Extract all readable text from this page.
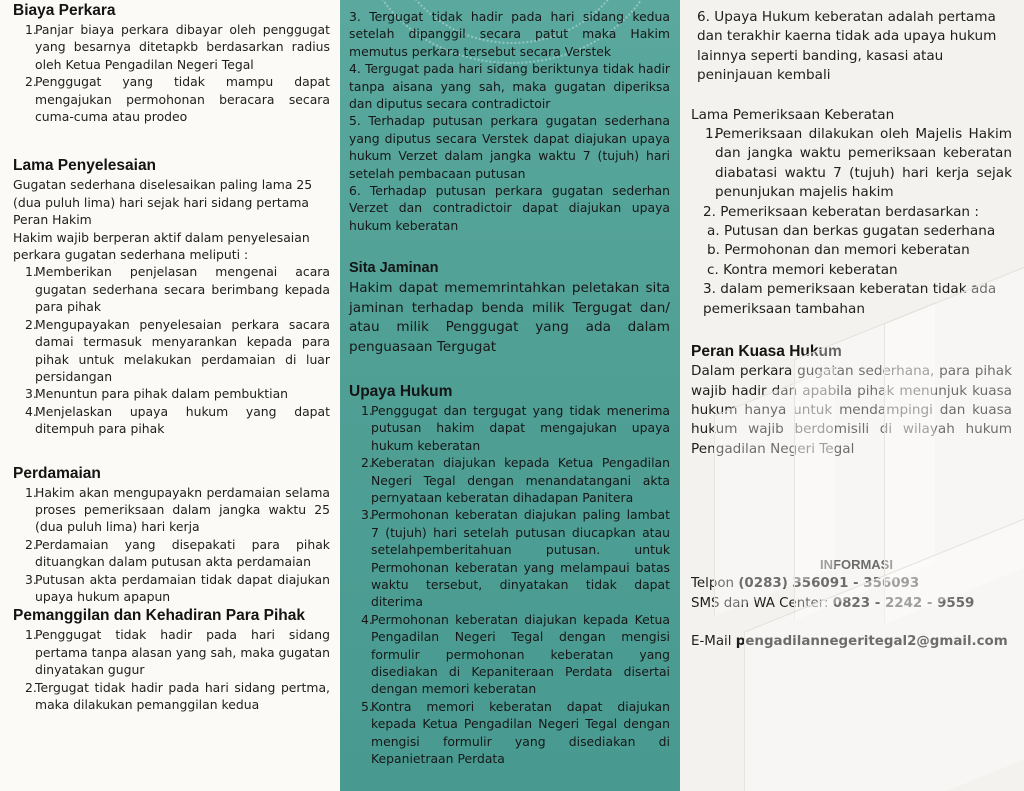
Biaya Perkara
1.
Panjar biaya perkara dibayar oleh penggugat yang besarnya ditetapkb berdasarkan radius oleh Ketua Pengadilan Negeri Tegal
2.
Penggugat yang tidak mampu dapat mengajukan permohonan beracara secara cuma-cuma atau prodeo
Lama Penyelesaian

Gugatan sederhana diselesaikan paling lama 25 (dua puluh lima) hari sejak hari sidang pertama Peran Hakim

Hakim wajib berperan aktif dalam penyelesaian perkara gugatan sederhana meliputi :

1.
Memberikan penjelasan mengenai acara gugatan sederhana secara berimbang kepada para pihak
2.
Mengupayakan penyelesaian perkara sacara damai termasuk menyarankan kepada para pihak untuk melakukan perdamaian di luar persidangan
3.
Menuntun para pihak dalam pembuktian
4.
Menjelaskan upaya hukum yang dapat ditempuh para pihak
Perdamaian
1.
Hakim akan mengupayakn perdamaian selama proses pemeriksaan dalam jangka waktu 25 (dua puluh lima) hari kerja
2.
Perdamaian yang disepakati para pihak dituangkan dalam putusan akta perdamaian
3.
Putusan akta perdamaian tidak dapat diajukan upaya hukum apapun
Pemanggilan dan Kehadiran Para Pihak
1.
Penggugat tidak hadir pada hari sidang pertama tanpa alasan yang sah, maka gugatan dinyatakan gugur
2.
Tergugat tidak hadir pada hari sidang pertma, maka dilakukan pemanggilan kedua

3. Tergugat tidak hadir pada hari sidang kedua setelah dipanggil secara patut maka Hakim memutus perkara tersebut secara Verstek

4. Tergugat pada hari sidang beriktunya tidak hadir tanpa aisana yang sah, maka gugatan diperiksa dan diputus secara contradictoir

5. Terhadap putusan perkara gugatan sederhana yang diputus secara Verstek dapat diajukan upaya hukum Verzet dalam jangka waktu 7 (tujuh) hari setelah pembacaan putusan

6. Terhadap putusan perkara gugatan sederhan Verzet dan contradictoir dapat diajukan upaya hukum keberatan

Sita Jaminan

Hakim dapat mememrintahkan peletakan sita jaminan terhadap benda milik Tergugat dan/ atau milik Penggugat yang ada dalam penguasaan Tergugat

Upaya Hukum
1.
Penggugat dan tergugat yang tidak menerima putusan hakim dapat mengajukan upaya hukum keberatan
2.
Keberatan diajukan kepada Ketua Pengadilan Negeri Tegal dengan menandatangani akta pernyataan keberatan dihadapan Panitera
3.
Permohonan keberatan diajukan paling lambat 7 (tujuh) hari setelah putusan diucapkan atau setelahpemberitahuan putusan. untuk Permohonan keberatan yang melampaui batas waktu tersebut, dinyatakan tidak dapat diterima
4.
Permohonan keberatan diajukan kepada Ketua Pengadilan Negeri Tegal dengan mengisi formulir permohonan keberatan yang disediakan di Kepaniteraan Perdata disertai dengan memori keberatan
5.
Kontra memori keberatan dapat diajukan kepada Ketua Pengadilan Negeri Tegal dengan mengisi formulir yang disediakan di Kepanietraan Perdata

6. Upaya Hukum keberatan adalah pertama dan terakhir kaerna tidak ada upaya hukum lainnya seperti banding, kasasi atau peninjauan kembali

Lama Pemeriksaan Keberatan

1.
Pemeriksaan dilakukan oleh Majelis Hakim dan jangka waktu pemeriksaan keberatan diabatasi waktu 7 (tujuh) hari kerja sejak penunjukan majelis hakim

2. Pemeriksaan keberatan berdasarkan :

a. Putusan dan berkas gugatan sederhana

b. Permohonan dan memori keberatan

c. Kontra memori keberatan

3. dalam pemeriksaan keberatan tidak ada pemeriksaan tambahan

Peran Kuasa Hukum

Dalam perkara gugatan sederhana, para pihak wajib hadir dan apabila pihak menunjuk kuasa hukum hanya untuk mendampingi dan kuasa hukum wajib berdomisili di wilayah hukum Pengadilan Negeri Tegal

INFORMASI

Telpon (0283) 356091 - 356093

SMS dan WA Center: 0823 - 2242 - 9559

E-Mail pengadilannegeritegal2@gmail.com
